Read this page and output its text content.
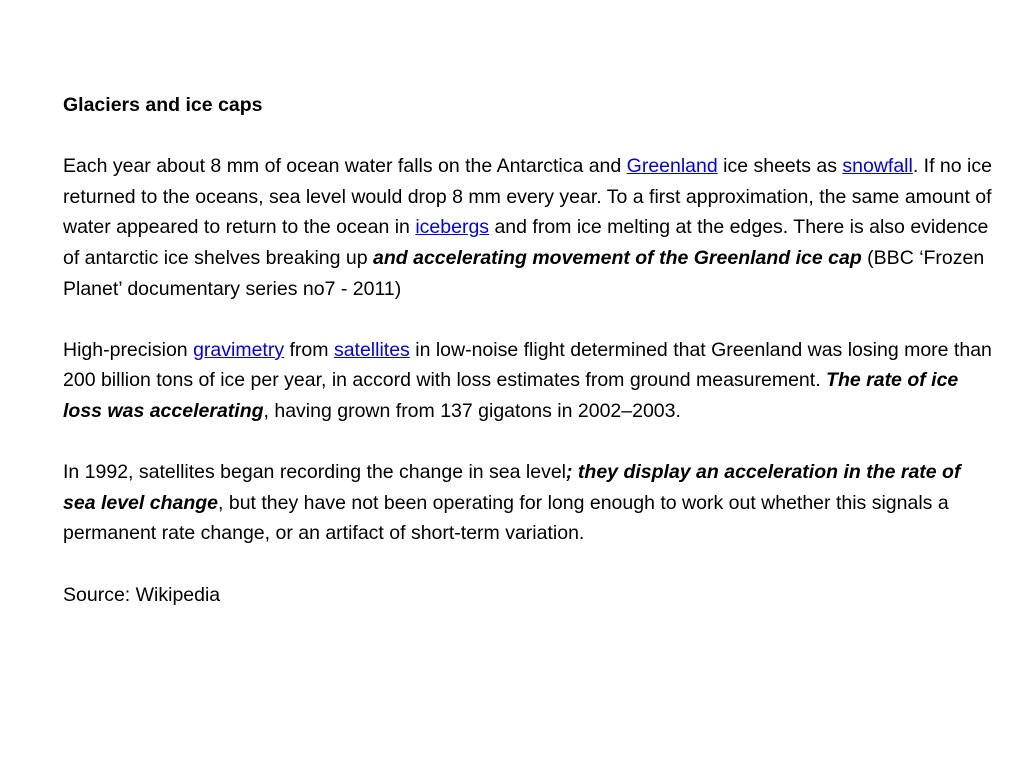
Glaciers and ice caps

Each year about 8 mm of ocean water falls on the Antarctica and Greenland ice sheets as snowfall. If no ice returned to the oceans, sea level would drop 8 mm every year. To a first approximation, the same amount of water appeared to return to the ocean in icebergs and from ice melting at the edges. There is also evidence of antarctic ice shelves breaking up and accelerating movement of the Greenland ice cap (BBC ‘Frozen Planet’ documentary series no7 - 2011)

High-precision gravimetry from satellites in low-noise flight determined that Greenland was losing more than 200 billion tons of ice per year, in accord with loss estimates from ground measurement. The rate of ice loss was accelerating, having grown from 137 gigatons in 2002–2003.

In 1992, satellites began recording the change in sea level; they display an acceleration in the rate of sea level change, but they have not been operating for long enough to work out whether this signals a permanent rate change, or an artifact of short-term variation.

Source: Wikipedia
